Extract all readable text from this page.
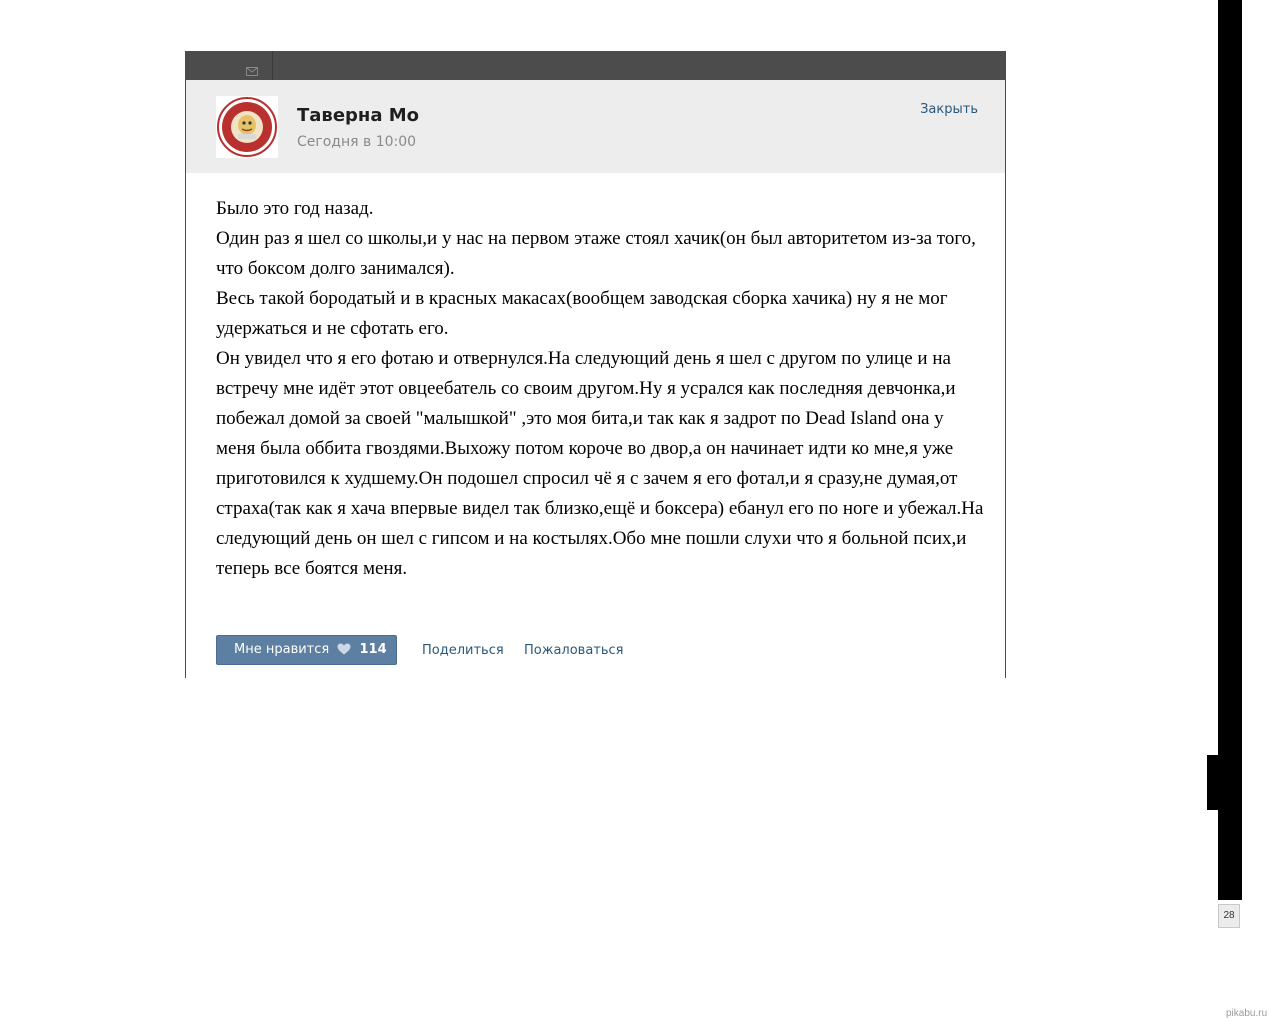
28
pikabu.ru
Таверна Мо
Сегодня в 10:00
Закрыть

Было это год назад.
Один раз я шел со школы,и у нас на первом этаже стоял хачик(он был авторитетом из-за того, что боксом долго занимался).
Весь такой бородатый и в красных макасах(вообщем заводская сборка хачика) ну я не мог удержаться и не сфотать его.
Он увидел что я его фотаю и отвернулся.На следующий день я шел с другом по улице и на встречу мне идёт этот овцеебатель со своим другом.Ну я усрался как последняя девчонка,и побежал домой за своей "малышкой" ,это моя бита,и так как я задрот по Dead Island она у меня была оббита гвоздями.Выхожу потом короче во двор,а он начинает идти ко мне,я уже приготовился к худшему.Он подошел спросил чё я с зачем я его фотал,и я сразу,не думая,от страха(так как я хача впервые видел так близко,ещё и боксера) ебанул его по ноге и убежал.На следующий день он шел с гипсом и на костылях.Обо мне пошли слухи что я больной псих,и теперь все боятся меня.

Мне нравится 114	Поделиться Пожаловаться
